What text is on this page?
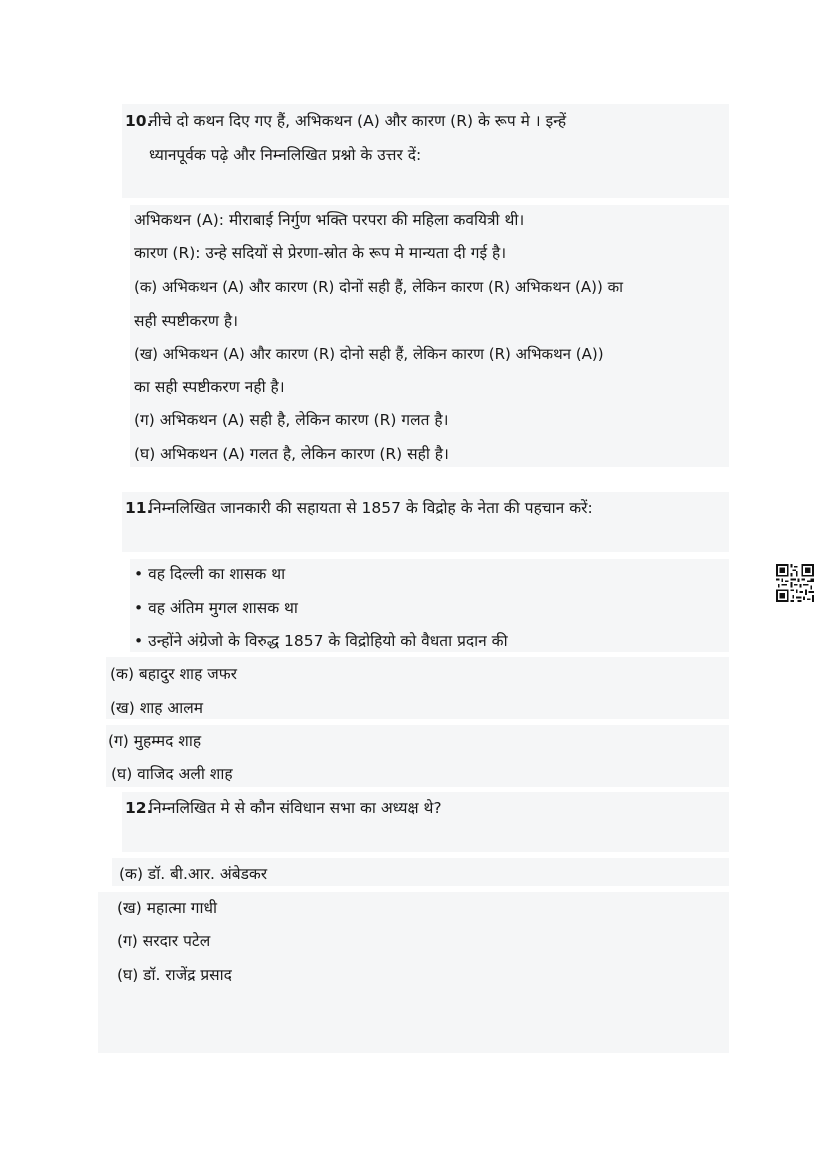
10.
नीचे दो कथन दिए गए हैं, अभिकथन (A) और कारण (R) के रूप मे । इन्हें
ध्यानपूर्वक पढ़े और निम्नलिखित प्रश्नो के उत्तर दें:
अभिकथन (A): मीराबाई निर्गुण भक्ति परपरा की महिला कवयित्री थी।
कारण (R): उन्हे सदियों से प्रेरणा-स्रोत के रूप मे मान्यता दी गई है।
(क) अभिकथन (A) और कारण (R) दोनों सही हैं, लेकिन कारण (R) अभिकथन (A)) का
सही स्पष्टीकरण है।
(ख) अभिकथन (A) और कारण (R) दोनो सही हैं, लेकिन कारण (R) अभिकथन (A))
का सही स्पष्टीकरण नही है।
(ग) अभिकथन (A) सही है, लेकिन कारण (R) गलत है।
(घ) अभिकथन (A) गलत है, लेकिन कारण (R) सही है।
11.
निम्नलिखित जानकारी की सहायता से 1857 के विद्रोह के नेता की पहचान करें:
• वह दिल्ली का शासक था
• वह अंतिम मुगल शासक था
• उन्होंने अंग्रेजो के विरुद्ध 1857 के विद्रोहियो को वैधता प्रदान की
(क) बहादुर शाह जफर
(ख) शाह आलम
(ग) मुहम्मद शाह
(घ) वाजिद अली शाह
12.
निम्नलिखित मे से कौन संविधान सभा का अध्यक्ष थे?
(क) डॉ. बी.आर. अंबेडकर
(ख) महात्मा गाधी
(ग) सरदार पटेल
(घ) डॉ. राजेंद्र प्रसाद
